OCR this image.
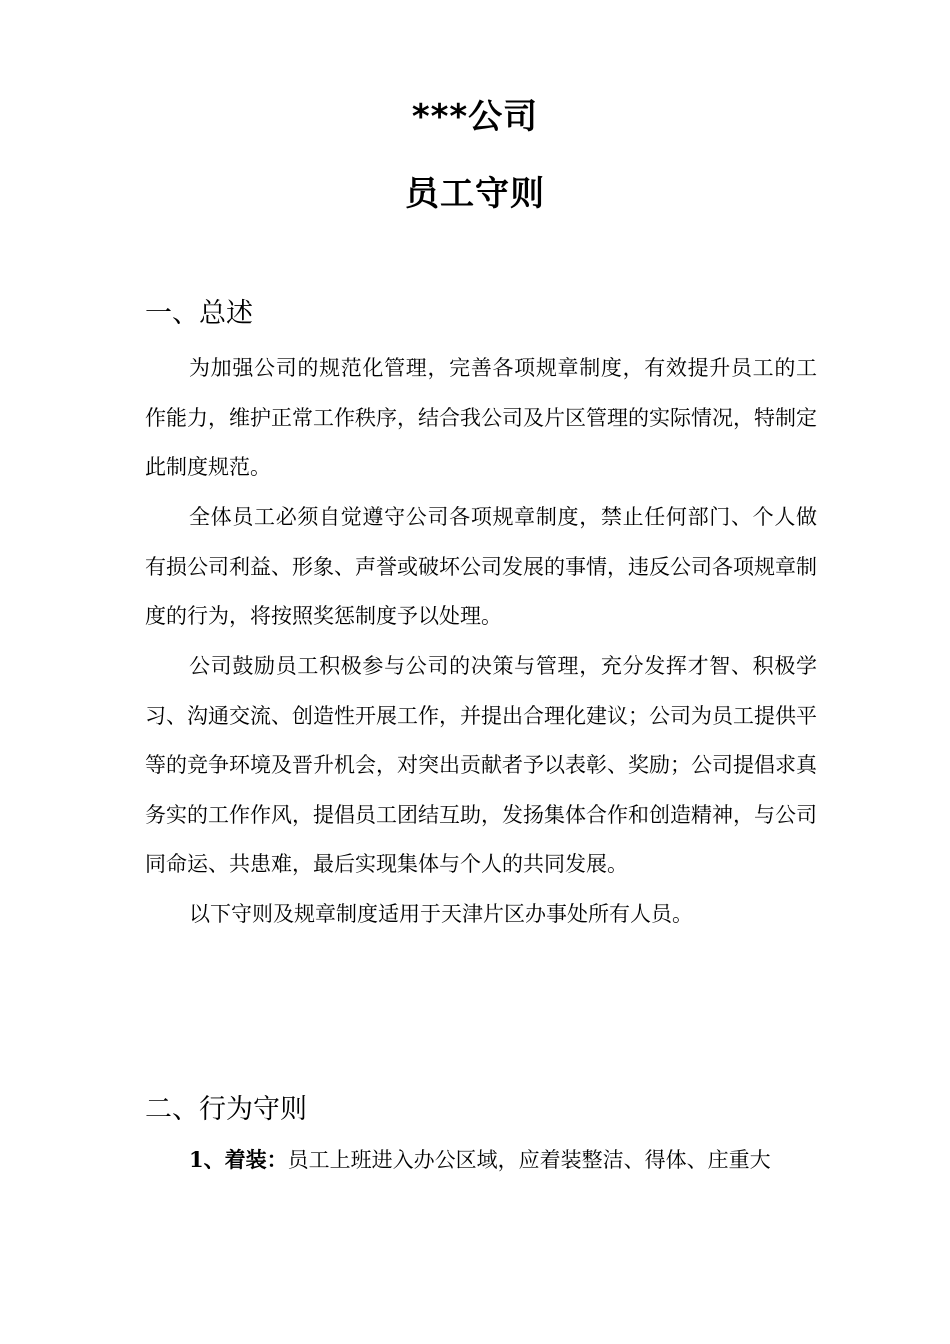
***公司
员工守则
一、总述

为加强公司的规范化管理，完善各项规章制度，有效提升员工的工作能力，维护正常工作秩序，结合我公司及片区管理的实际情况，特制定此制度规范。

全体员工必须自觉遵守公司各项规章制度，禁止任何部门、个人做有损公司利益、形象、声誉或破坏公司发展的事情，违反公司各项规章制度的行为，将按照奖惩制度予以处理。

公司鼓励员工积极参与公司的决策与管理，充分发挥才智、积极学习、沟通交流、创造性开展工作，并提出合理化建议；公司为员工提供平等的竞争环境及晋升机会，对突出贡献者予以表彰、奖励；公司提倡求真务实的工作作风，提倡员工团结互助，发扬集体合作和创造精神，与公司同命运、共患难，最后实现集体与个人的共同发展。

以下守则及规章制度适用于天津片区办事处所有人员。

二、行为守则

1、着装：员工上班进入办公区域，应着装整洁、得体、庄重大
